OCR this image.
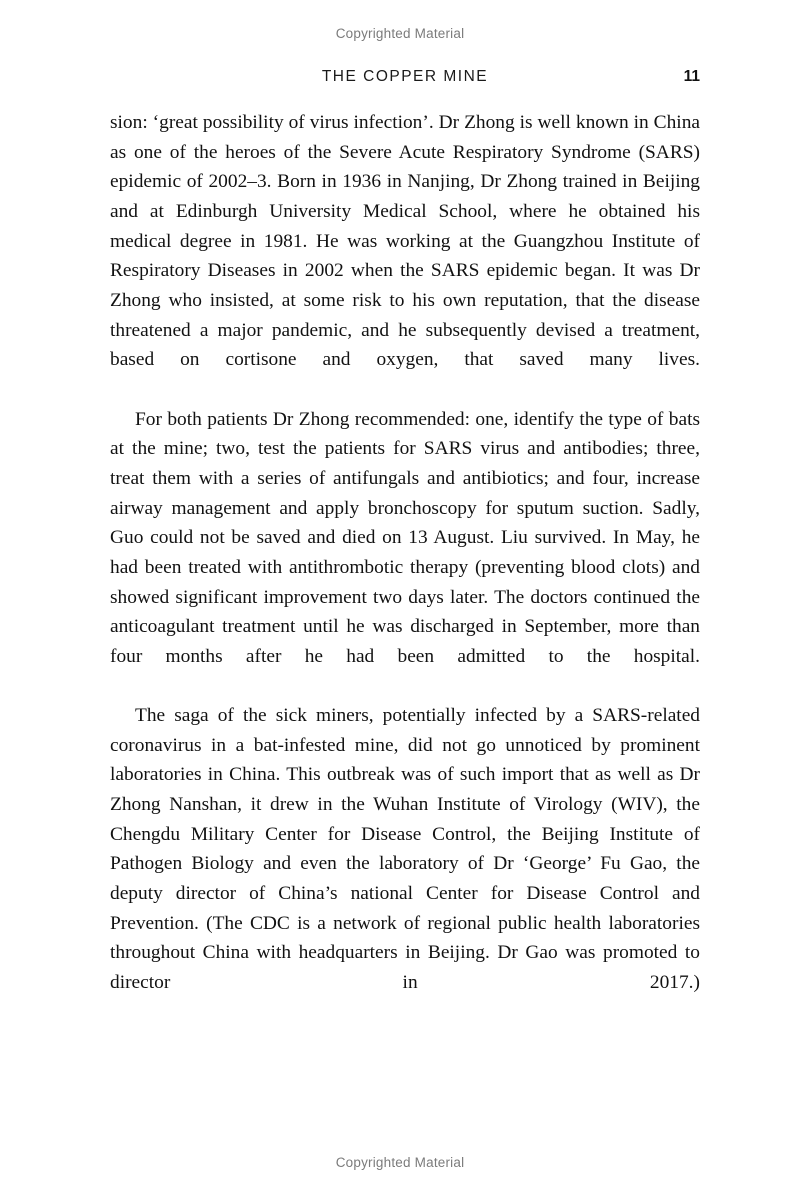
Copyrighted Material
THE COPPER MINE	11

sion: ‘great possibility of virus infection’. Dr Zhong is well known in China as one of the heroes of the Severe Acute Respiratory Syndrome (SARS) epidemic of 2002–3. Born in 1936 in Nanjing, Dr Zhong trained in Beijing and at Edinburgh University Medical School, where he obtained his medical degree in 1981. He was working at the Guangzhou Institute of Respiratory Diseases in 2002 when the SARS epidemic began. It was Dr Zhong who insisted, at some risk to his own reputation, that the disease threatened a major pandemic, and he subsequently devised a treatment, based on cortisone and oxygen, that saved many lives.

For both patients Dr Zhong recommended: one, identify the type of bats at the mine; two, test the patients for SARS virus and antibodies; three, treat them with a series of antifungals and antibiotics; and four, increase airway management and apply bronchoscopy for sputum suction. Sadly, Guo could not be saved and died on 13 August. Liu survived. In May, he had been treated with antithrombotic therapy (preventing blood clots) and showed significant improvement two days later. The doctors continued the anticoagulant treatment until he was discharged in September, more than four months after he had been admitted to the hospital.

The saga of the sick miners, potentially infected by a SARS-related coronavirus in a bat-infested mine, did not go unnoticed by prominent laboratories in China. This outbreak was of such import that as well as Dr Zhong Nanshan, it drew in the Wuhan Institute of Virology (WIV), the Chengdu Military Center for Disease Control, the Beijing Institute of Pathogen Biology and even the laboratory of Dr ‘George’ Fu Gao, the deputy director of China’s national Center for Disease Control and Prevention. (The CDC is a network of regional public health laboratories throughout China with headquarters in Beijing. Dr Gao was promoted to director in 2017.)

Copyrighted Material
